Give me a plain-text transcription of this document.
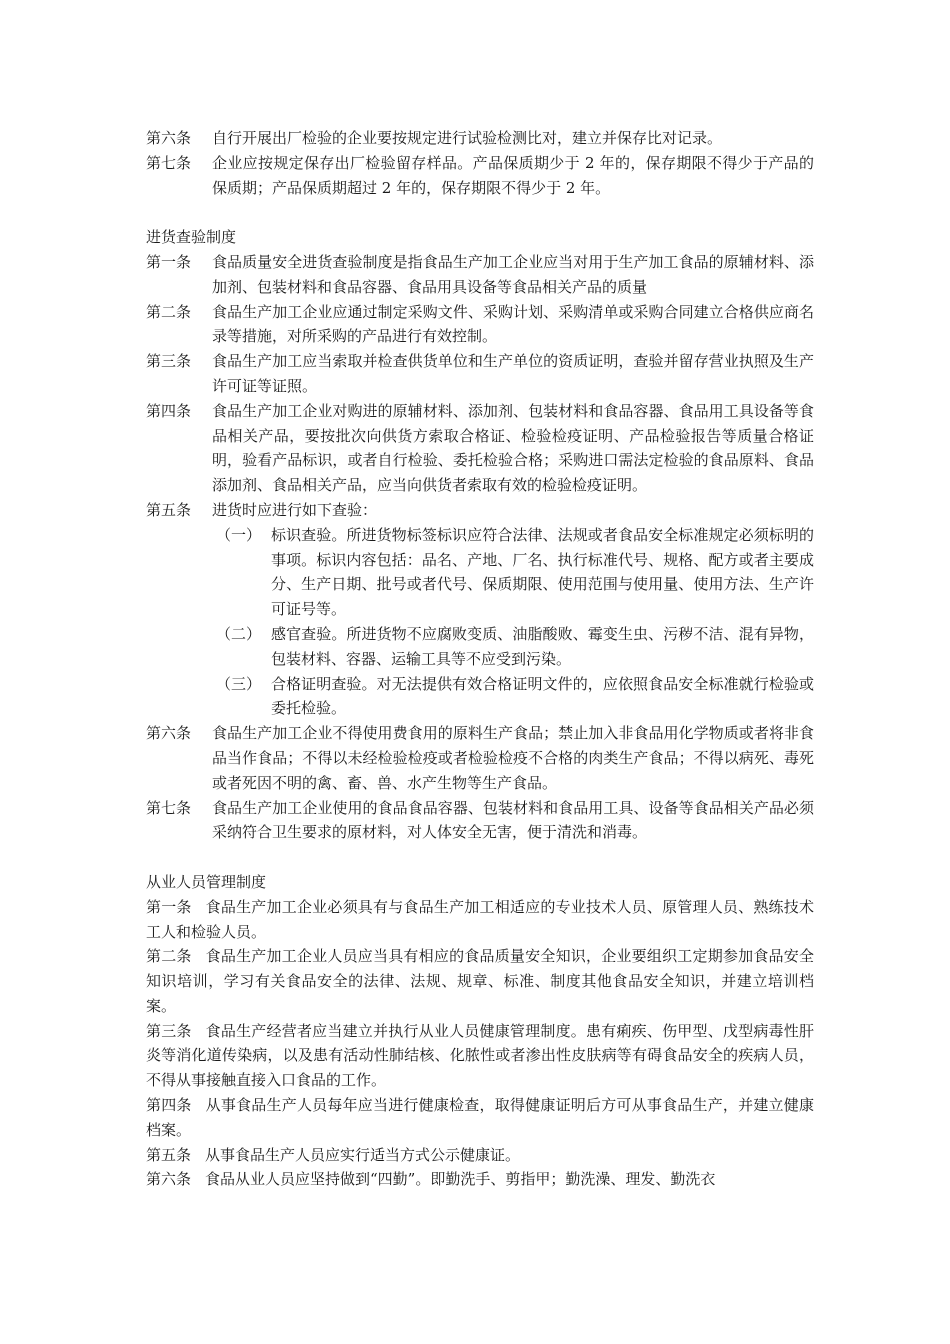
第六条	自行开展出厂检验的企业要按规定进行试验检测比对，建立并保存比对记录。
第七条	企业应按规定保存出厂检验留存样品。产品保质期少于 2 年的，保存期限不得少于产品的保质期；产品保质期超过 2 年的，保存期限不得少于 2 年。
进货查验制度
第一条	食品质量安全进货查验制度是指食品生产加工企业应当对用于生产加工食品的原辅材料、添加剂、包装材料和食品容器、食品用具设备等食品相关产品的质量
第二条	食品生产加工企业应通过制定采购文件、采购计划、采购清单或采购合同建立合格供应商名录等措施，对所采购的产品进行有效控制。
第三条	食品生产加工应当索取并检查供货单位和生产单位的资质证明，查验并留存营业执照及生产许可证等证照。
第四条	食品生产加工企业对购进的原辅材料、添加剂、包装材料和食品容器、食品用工具设备等食品相关产品，要按批次向供货方索取合格证、检验检疫证明、产品检验报告等质量合格证明，验看产品标识，或者自行检验、委托检验合格；采购进口需法定检验的食品原料、食品添加剂、食品相关产品，应当向供货者索取有效的检验检疫证明。
第五条	进货时应进行如下查验：
（一） 标识查验。所进货物标签标识应符合法律、法规或者食品安全标准规定必须标明的事项。标识内容包括：品名、产地、厂名、执行标准代号、规格、配方或者主要成分、生产日期、批号或者代号、保质期限、使用范围与使用量、使用方法、生产许可证号等。
（二） 感官查验。所进货物不应腐败变质、油脂酸败、霉变生虫、污秽不洁、混有异物，包装材料、容器、运输工具等不应受到污染。
（三） 合格证明查验。对无法提供有效合格证明文件的，应依照食品安全标准就行检验或委托检验。
第六条	食品生产加工企业不得使用费食用的原料生产食品；禁止加入非食品用化学物质或者将非食品当作食品；不得以未经检验检疫或者检验检疫不合格的肉类生产食品；不得以病死、毒死或者死因不明的禽、畜、兽、水产生物等生产食品。
第七条	食品生产加工企业使用的食品食品容器、包装材料和食品用工具、设备等食品相关产品必须采纳符合卫生要求的原材料，对人体安全无害，便于清洗和消毒。
从业人员管理制度
第一条 食品生产加工企业必须具有与食品生产加工相适应的专业技术人员、原管理人员、熟练技术工人和检验人员。
第二条 食品生产加工企业人员应当具有相应的食品质量安全知识，企业要组织工定期参加食品安全知识培训，学习有关食品安全的法律、法规、规章、标准、制度其他食品安全知识，并建立培训档案。
第三条 食品生产经营者应当建立并执行从业人员健康管理制度。患有痢疾、伤甲型、戊型病毒性肝炎等消化道传染病，以及患有活动性肺结核、化脓性或者渗出性皮肤病等有碍食品安全的疾病人员，不得从事接触直接入口食品的工作。
第四条 从事食品生产人员每年应当进行健康检查，取得健康证明后方可从事食品生产，并建立健康档案。
第五条 从事食品生产人员应实行适当方式公示健康证。
第六条 食品从业人员应坚持做到“四勤”。即勤洗手、剪指甲；勤洗澡、理发、勤洗衣
